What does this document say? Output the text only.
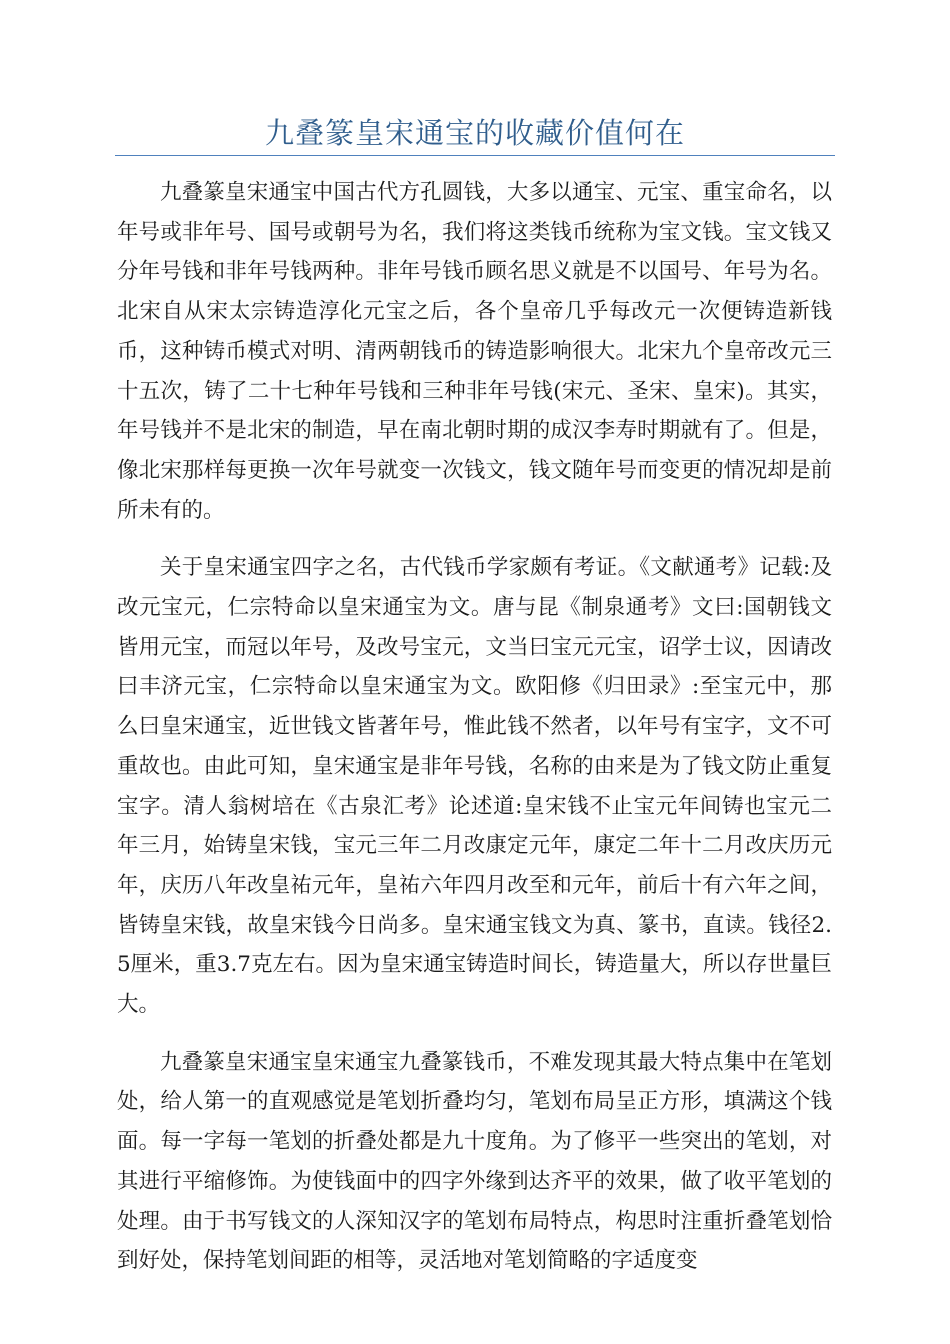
九叠篆皇宋通宝的收藏价值何在

九叠篆皇宋通宝中国古代方孔圆钱，大多以通宝、元宝、重宝命名，以年号或非年号、国号或朝号为名，我们将这类钱币统称为宝文钱。宝文钱又分年号钱和非年号钱两种。非年号钱币顾名思义就是不以国号、年号为名。北宋自从宋太宗铸造淳化元宝之后，各个皇帝几乎每改元一次便铸造新钱币，这种铸币模式对明、清两朝钱币的铸造影响很大。北宋九个皇帝改元三十五次，铸了二十七种年号钱和三种非年号钱(宋元、圣宋、皇宋)。其实，年号钱并不是北宋的制造，早在南北朝时期的成汉李寿时期就有了。但是，像北宋那样每更换一次年号就变一次钱文，钱文随年号而变更的情况却是前所未有的。

关于皇宋通宝四字之名，古代钱币学家颇有考证。《文献通考》记载:及改元宝元，仁宗特命以皇宋通宝为文。唐与昆《制泉通考》文曰:国朝钱文皆用元宝，而冠以年号，及改号宝元，文当曰宝元元宝，诏学士议，因请改曰丰济元宝，仁宗特命以皇宋通宝为文。欧阳修《归田录》:至宝元中，那么曰皇宋通宝，近世钱文皆著年号，惟此钱不然者，以年号有宝字，文不可重故也。由此可知，皇宋通宝是非年号钱，名称的由来是为了钱文防止重复宝字。清人翁树培在《古泉汇考》论述道:皇宋钱不止宝元年间铸也宝元二年三月，始铸皇宋钱，宝元三年二月改康定元年，康定二年十二月改庆历元年，庆历八年改皇祐元年，皇祐六年四月改至和元年，前后十有六年之间，皆铸皇宋钱，故皇宋钱今日尚多。皇宋通宝钱文为真、篆书，直读。钱径2.5厘米，重3.7克左右。因为皇宋通宝铸造时间长，铸造量大，所以存世量巨大。

九叠篆皇宋通宝皇宋通宝九叠篆钱币，不难发现其最大特点集中在笔划处，给人第一的直观感觉是笔划折叠均匀，笔划布局呈正方形，填满这个钱面。每一字每一笔划的折叠处都是九十度角。为了修平一些突出的笔划，对其进行平缩修饰。为使钱面中的四字外缘到达齐平的效果，做了收平笔划的处理。由于书写钱文的人深知汉字的笔划布局特点，构思时注重折叠笔划恰到好处，保持笔划间距的相等，灵活地对笔划简略的字适度变
